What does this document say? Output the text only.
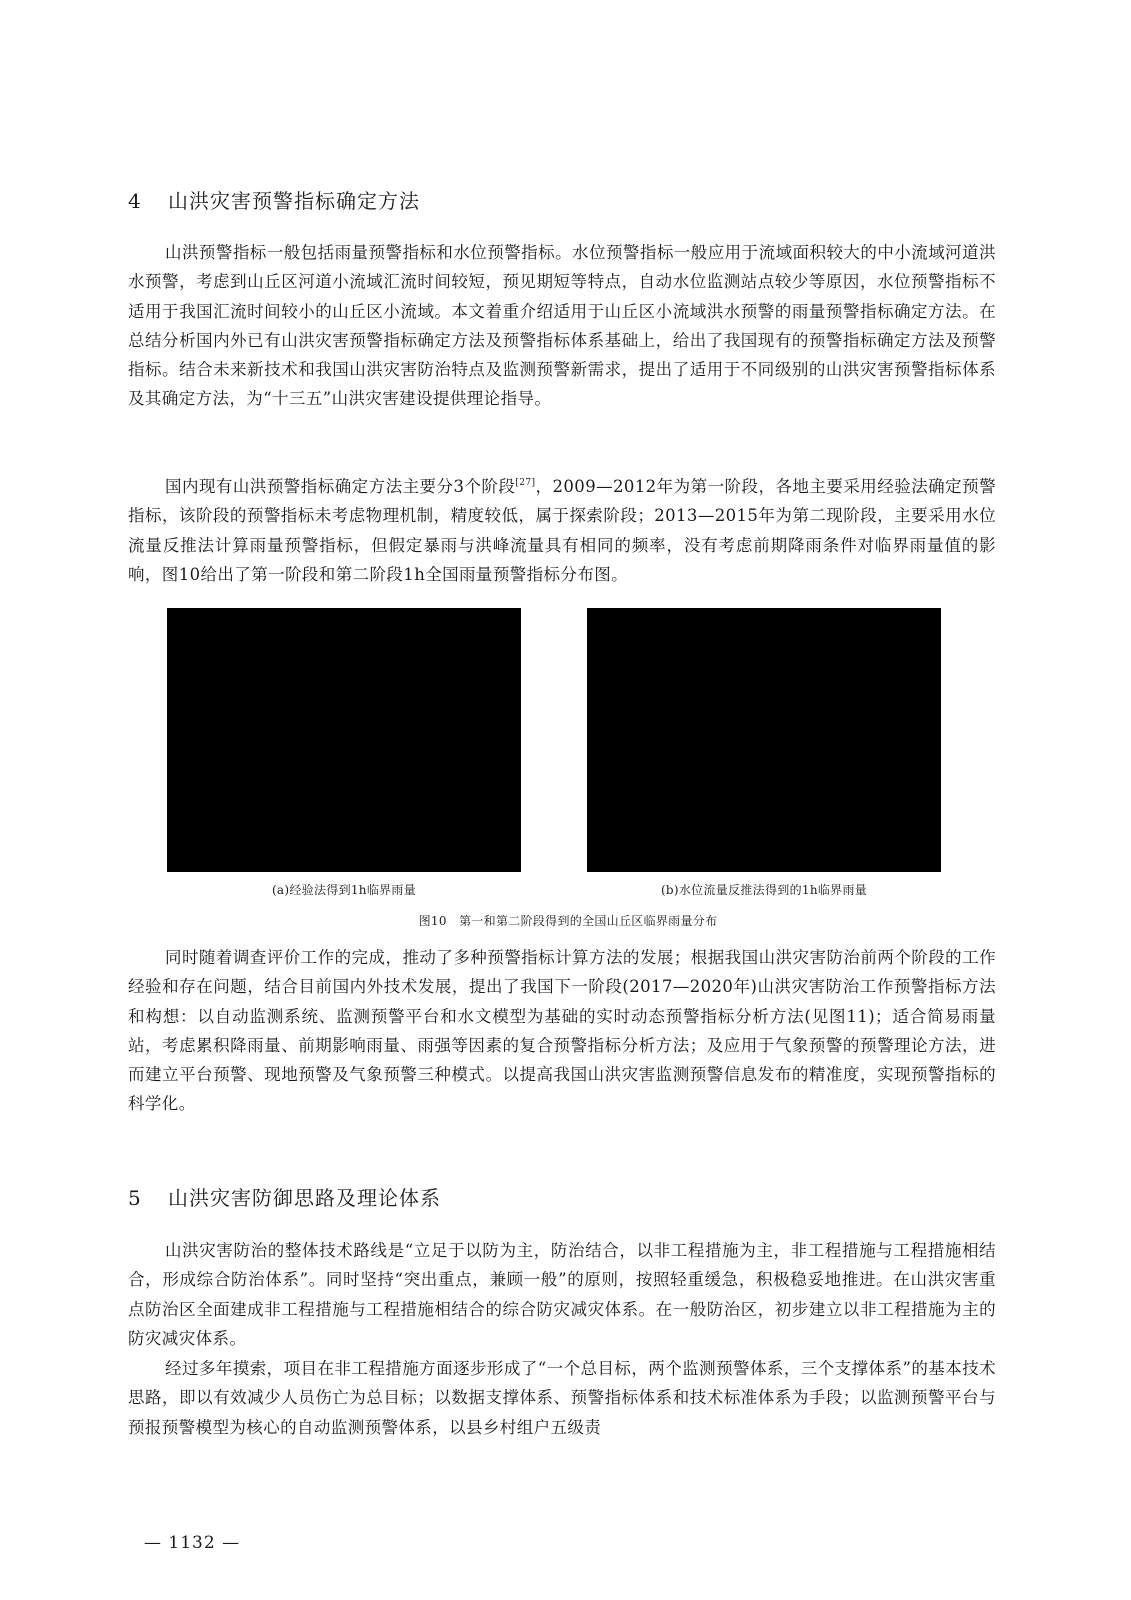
4 山洪灾害预警指标确定方法

山洪预警指标一般包括雨量预警指标和水位预警指标。水位预警指标一般应用于流域面积较大的中小流域河道洪水预警，考虑到山丘区河道小流域汇流时间较短，预见期短等特点，自动水位监测站点较少等原因，水位预警指标不适用于我国汇流时间较小的山丘区小流域。本文着重介绍适用于山丘区小流域洪水预警的雨量预警指标确定方法。在总结分析国内外已有山洪灾害预警指标确定方法及预警指标体系基础上，给出了我国现有的预警指标确定方法及预警指标。结合未来新技术和我国山洪灾害防治特点及监测预警新需求，提出了适用于不同级别的山洪灾害预警指标体系及其确定方法，为“十三五”山洪灾害建设提供理论指导。

国内现有山洪预警指标确定方法主要分3个阶段[27]，2009—2012年为第一阶段，各地主要采用经验法确定预警指标，该阶段的预警指标未考虑物理机制，精度较低，属于探索阶段；2013—2015年为第二现阶段，主要采用水位流量反推法计算雨量预警指标，但假定暴雨与洪峰流量具有相同的频率，没有考虑前期降雨条件对临界雨量值的影响，图10给出了第一阶段和第二阶段1h全国雨量预警指标分布图。

(a)经验法得到1h临界雨量	(b)水位流量反推法得到的1h临界雨量
图10　第一和第二阶段得到的全国山丘区临界雨量分布

同时随着调查评价工作的完成，推动了多种预警指标计算方法的发展；根据我国山洪灾害防治前两个阶段的工作经验和存在问题，结合目前国内外技术发展，提出了我国下一阶段(2017—2020年)山洪灾害防治工作预警指标方法和构想：以自动监测系统、监测预警平台和水文模型为基础的实时动态预警指标分析方法(见图11)；适合简易雨量站，考虑累积降雨量、前期影响雨量、雨强等因素的复合预警指标分析方法；及应用于气象预警的预警理论方法，进而建立平台预警、现地预警及气象预警三种模式。以提高我国山洪灾害监测预警信息发布的精准度，实现预警指标的科学化。

5 山洪灾害防御思路及理论体系

山洪灾害防治的整体技术路线是“立足于以防为主，防治结合，以非工程措施为主，非工程措施与工程措施相结合，形成综合防治体系”。同时坚持“突出重点，兼顾一般”的原则，按照轻重缓急，积极稳妥地推进。在山洪灾害重点防治区全面建成非工程措施与工程措施相结合的综合防灾减灾体系。在一般防治区，初步建立以非工程措施为主的防灾减灾体系。

经过多年摸索，项目在非工程措施方面逐步形成了“一个总目标，两个监测预警体系，三个支撑体系”的基本技术思路，即以有效减少人员伤亡为总目标；以数据支撑体系、预警指标体系和技术标准体系为手段；以监测预警平台与预报预警模型为核心的自动监测预警体系，以县乡村组户五级责

— 1132 —
